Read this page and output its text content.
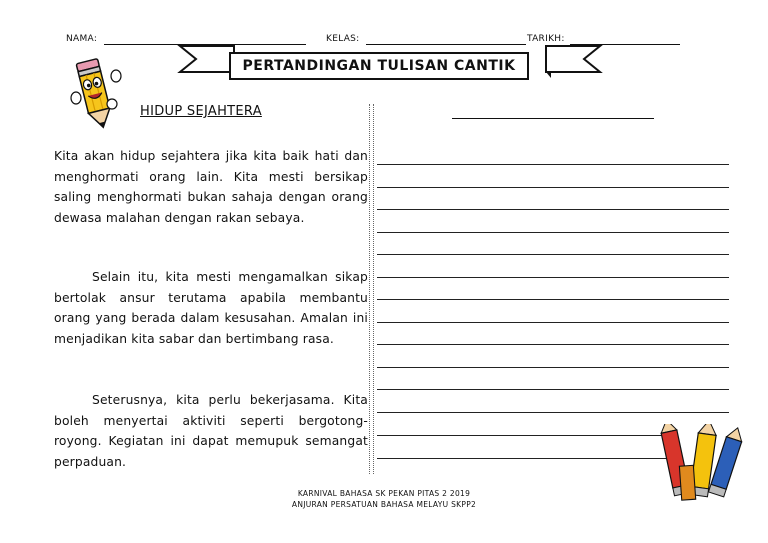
NAMA:	KELAS:	TARIKH:
PERTANDINGAN TULISAN CANTIK
HIDUP SEJAHTERA
Kita akan hidup sejahtera jika kita baik hati dan menghormati orang lain. Kita mesti bersikap saling menghormati bukan sahaja dengan orang dewasa malahan dengan rakan sebaya.
Selain itu, kita mesti mengamalkan sikap bertolak ansur terutama apabila membantu orang yang berada dalam kesusahan. Amalan ini menjadikan kita sabar dan bertimbang rasa.
Seterusnya, kita perlu bekerjasama. Kita boleh menyertai aktiviti seperti bergotong-royong. Kegiatan ini dapat memupuk semangat perpaduan.
KARNIVAL BAHASA SK PEKAN PITAS 2 2019
ANJURAN PERSATUAN BAHASA MELAYU SKPP2
